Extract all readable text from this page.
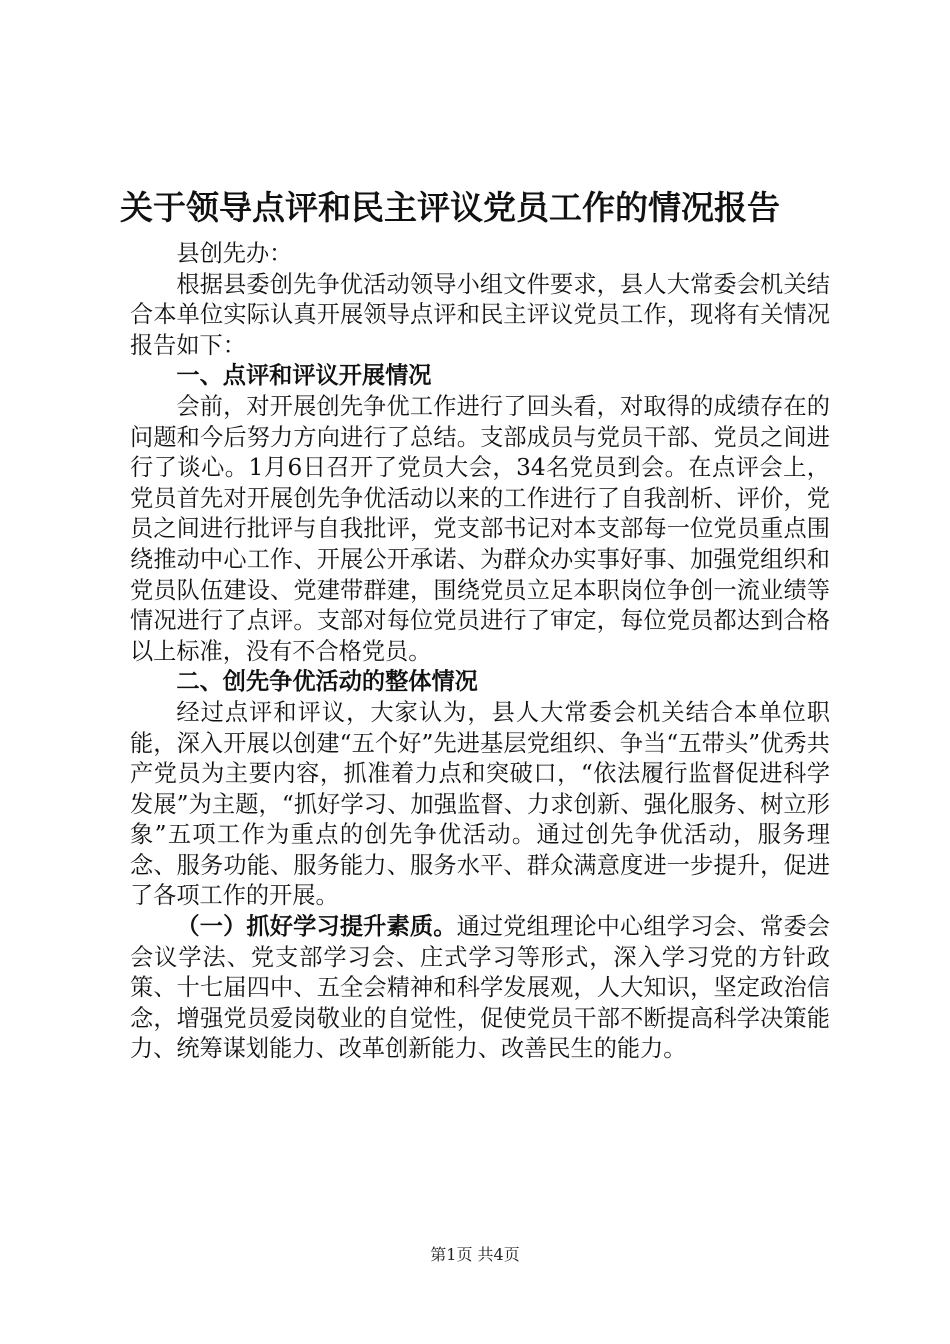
关于领导点评和民主评议党员工作的情况报告

县创先办：

根据县委创先争优活动领导小组文件要求，县人大常委会机关结合本单位实际认真开展领导点评和民主评议党员工作，现将有关情况报告如下：

一、点评和评议开展情况

会前，对开展创先争优工作进行了回头看，对取得的成绩存在的问题和今后努力方向进行了总结。支部成员与党员干部、党员之间进行了谈心。1月6日召开了党员大会，34名党员到会。在点评会上，党员首先对开展创先争优活动以来的工作进行了自我剖析、评价，党员之间进行批评与自我批评，党支部书记对本支部每一位党员重点围绕推动中心工作、开展公开承诺、为群众办实事好事、加强党组织和党员队伍建设、党建带群建，围绕党员立足本职岗位争创一流业绩等情况进行了点评。支部对每位党员进行了审定，每位党员都达到合格以上标准，没有不合格党员。

二、创先争优活动的整体情况

经过点评和评议，大家认为，县人大常委会机关结合本单位职能，深入开展以创建“五个好”先进基层党组织、争当“五带头”优秀共产党员为主要内容，抓准着力点和突破口，“依法履行监督促进科学发展”为主题，“抓好学习、加强监督、力求创新、强化服务、树立形象”五项工作为重点的创先争优活动。通过创先争优活动，服务理念、服务功能、服务能力、服务水平、群众满意度进一步提升，促进了各项工作的开展。

（一）抓好学习提升素质。通过党组理论中心组学习会、常委会会议学法、党支部学习会、庄式学习等形式，深入学习党的方针政策、十七届四中、五全会精神和科学发展观，人大知识，坚定政治信念，增强党员爱岗敬业的自觉性，促使党员干部不断提高科学决策能力、统筹谋划能力、改革创新能力、改善民生的能力。

第1页 共4页
